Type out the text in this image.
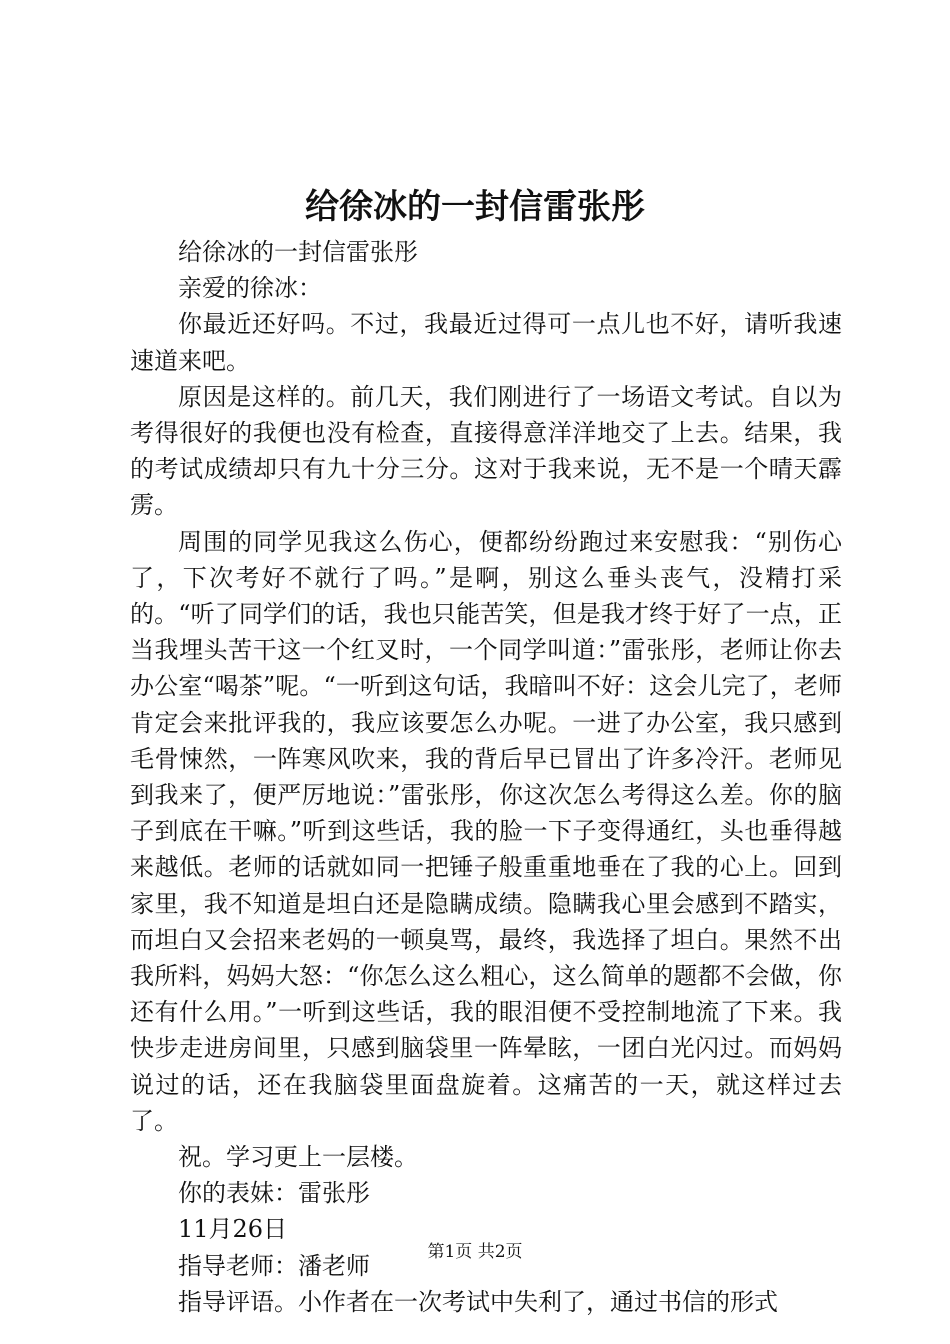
给徐冰的一封信雷张彤

给徐冰的一封信雷张彤

亲爱的徐冰：

你最近还好吗。不过，我最近过得可一点儿也不好，请听我速速道来吧。

原因是这样的。前几天，我们刚进行了一场语文考试。自以为考得很好的我便也没有检查，直接得意洋洋地交了上去。结果，我的考试成绩却只有九十分三分。这对于我来说，无不是一个晴天霹雳。

周围的同学见我这么伤心，便都纷纷跑过来安慰我：“别伤心了，下次考好不就行了吗。”是啊，别这么垂头丧气，没精打采的。“听了同学们的话，我也只能苦笑，但是我才终于好了一点，正当我埋头苦干这一个红叉时，一个同学叫道：”雷张彤，老师让你去办公室“喝茶”呢。“一听到这句话，我暗叫不好：这会儿完了，老师肯定会来批评我的，我应该要怎么办呢。一进了办公室，我只感到毛骨悚然，一阵寒风吹来，我的背后早已冒出了许多冷汗。老师见到我来了，便严厉地说：”雷张彤，你这次怎么考得这么差。你的脑子到底在干嘛。”听到这些话，我的脸一下子变得通红，头也垂得越来越低。老师的话就如同一把锤子般重重地垂在了我的心上。回到家里，我不知道是坦白还是隐瞒成绩。隐瞒我心里会感到不踏实，而坦白又会招来老妈的一顿臭骂，最终，我选择了坦白。果然不出我所料，妈妈大怒：“你怎么这么粗心，这么简单的题都不会做，你还有什么用。”一听到这些话，我的眼泪便不受控制地流了下来。我快步走进房间里，只感到脑袋里一阵晕眩，一团白光闪过。而妈妈说过的话，还在我脑袋里面盘旋着。这痛苦的一天，就这样过去了。

祝。学习更上一层楼。

你的表妹：雷张彤

11月26日

指导老师：潘老师

指导评语。小作者在一次考试中失利了，通过书信的形式

第1页 共2页
